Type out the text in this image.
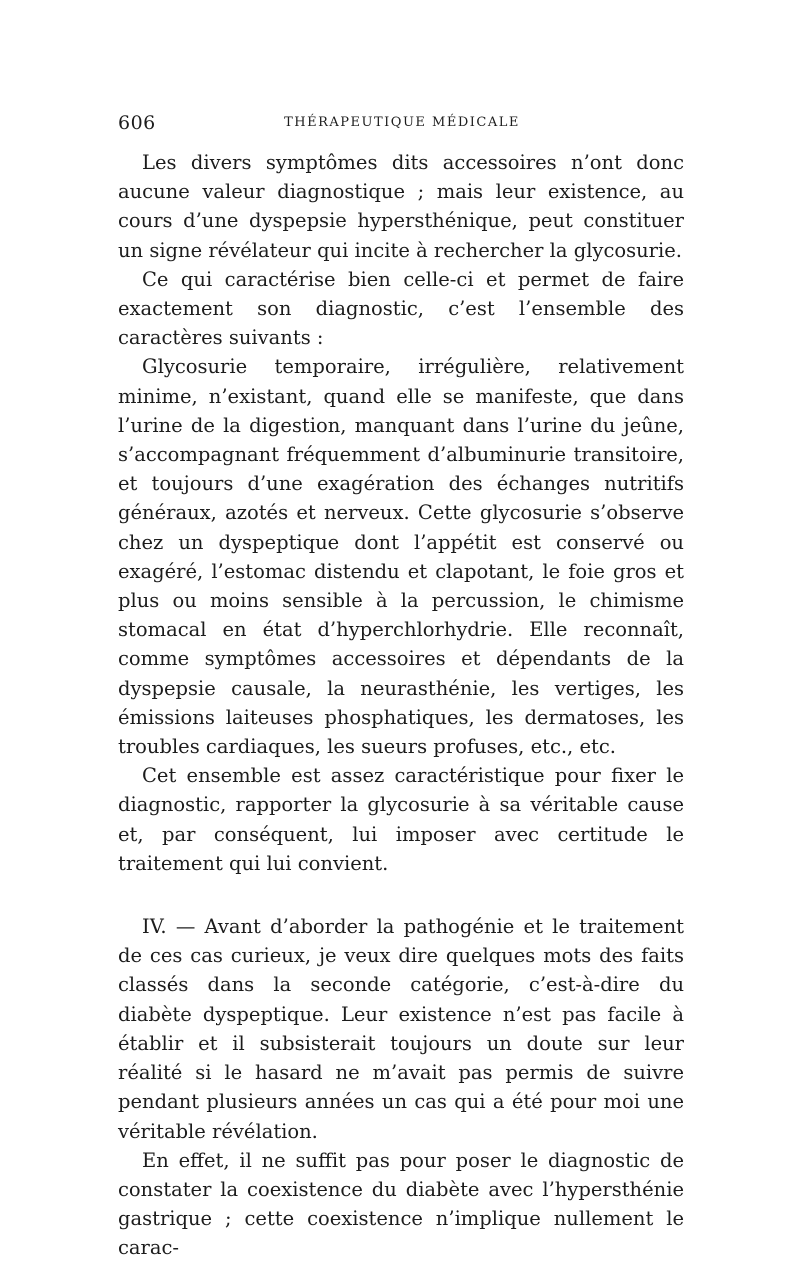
606	THÉRAPEUTIQUE MÉDICALE

Les divers symptômes dits accessoires n’ont donc aucune valeur diagnostique ; mais leur existence, au cours d’une dyspepsie hypersthénique, peut constituer un signe révélateur qui incite à rechercher la glycosurie.

Ce qui caractérise bien celle-ci et permet de faire exactement son diagnostic, c’est l’ensemble des caractères suivants :

Glycosurie temporaire, irrégulière, relativement minime, n’existant, quand elle se manifeste, que dans l’urine de la digestion, manquant dans l’urine du jeûne, s’accompagnant fréquemment d’albuminurie transitoire, et toujours d’une exagération des échanges nutritifs généraux, azotés et nerveux. Cette glycosurie s’observe chez un dyspeptique dont l’appétit est conservé ou exagéré, l’estomac distendu et clapotant, le foie gros et plus ou moins sensible à la percussion, le chimisme stomacal en état d’hyperchlorhydrie. Elle reconnaît, comme symptômes accessoires et dépendants de la dyspepsie causale, la neurasthénie, les vertiges, les émissions laiteuses phosphatiques, les dermatoses, les troubles cardiaques, les sueurs profuses, etc., etc.

Cet ensemble est assez caractéristique pour fixer le diagnostic, rapporter la glycosurie à sa véritable cause et, par conséquent, lui imposer avec certitude le traitement qui lui convient.

IV. — Avant d’aborder la pathogénie et le traitement de ces cas curieux, je veux dire quelques mots des faits classés dans la seconde catégorie, c’est-à-dire du diabète dyspeptique. Leur existence n’est pas facile à établir et il subsisterait toujours un doute sur leur réalité si le hasard ne m’avait pas permis de suivre pendant plusieurs années un cas qui a été pour moi une véritable révélation.

En effet, il ne suffit pas pour poser le diagnostic de constater la coexistence du diabète avec l’hypersthénie gastrique ; cette coexistence n’implique nullement le carac-
